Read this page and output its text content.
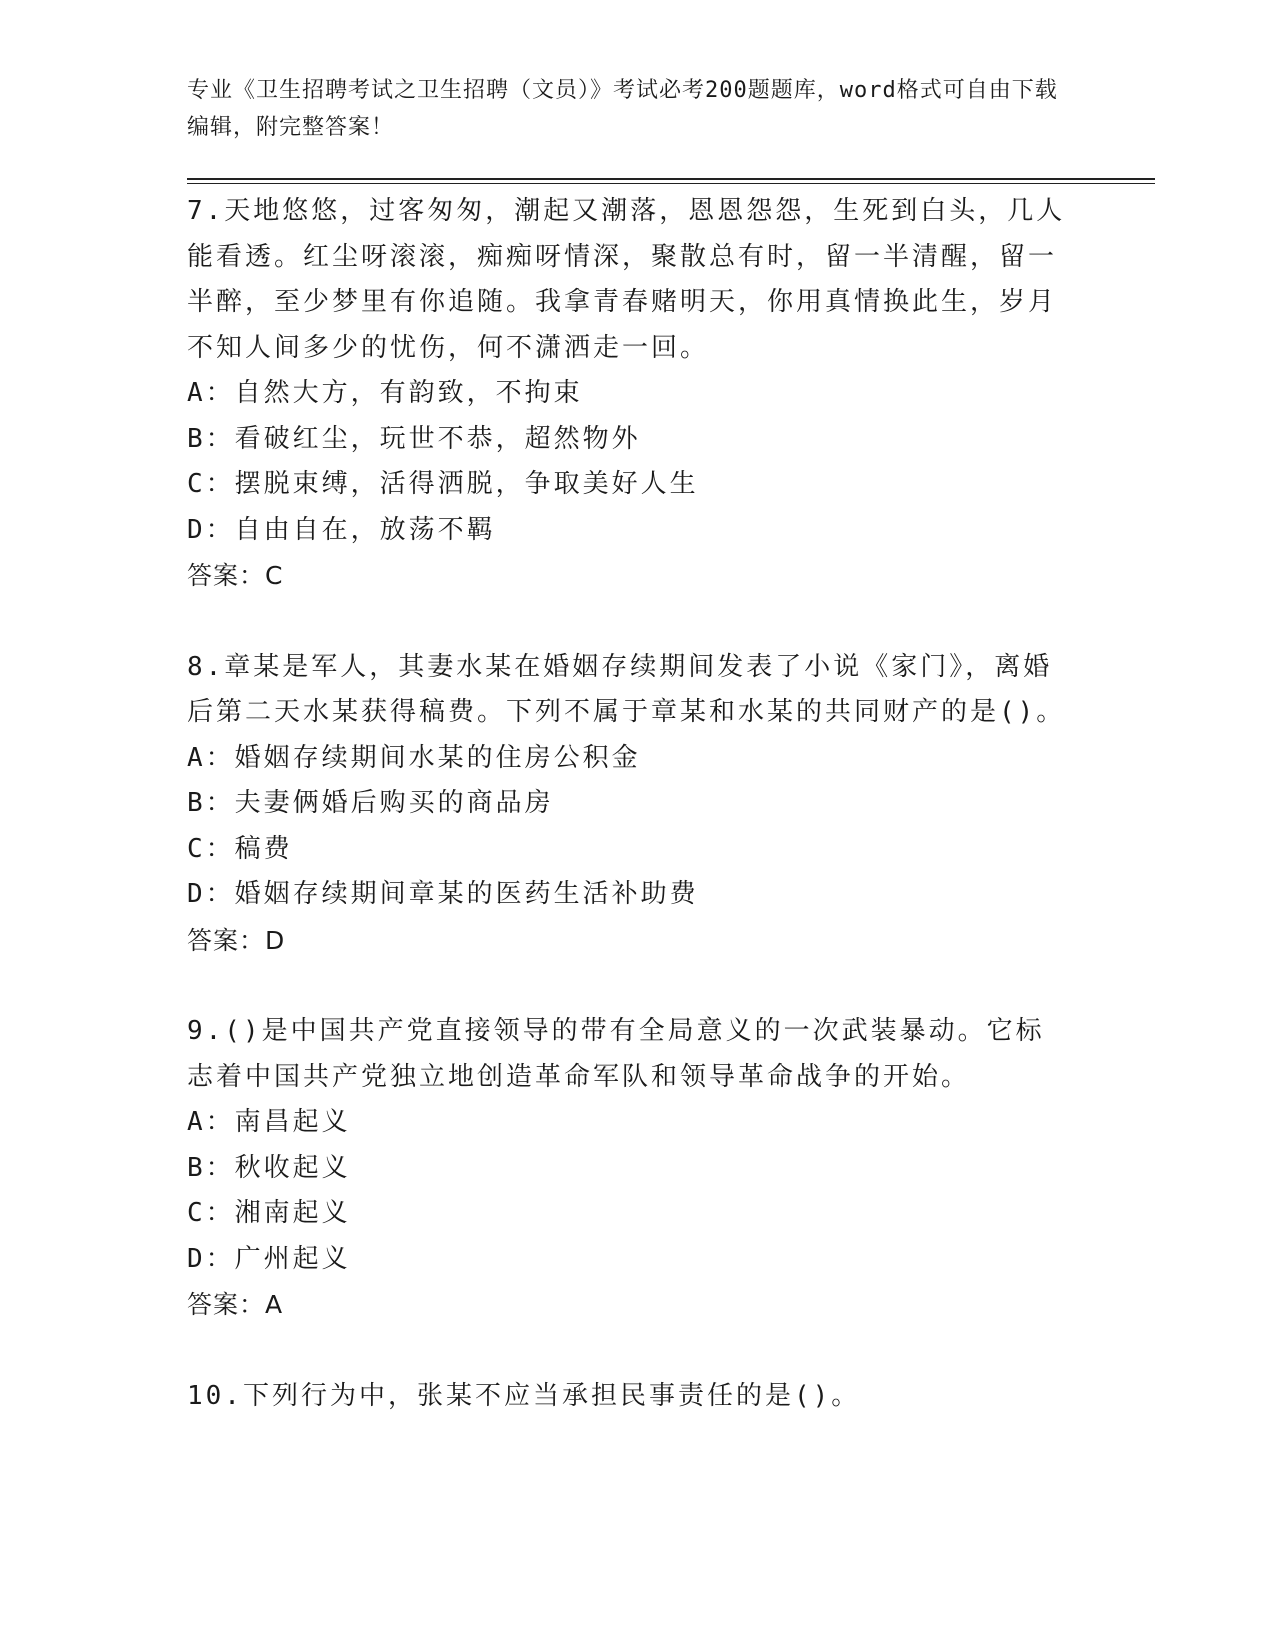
专业《卫生招聘考试之卫生招聘（文员）》考试必考200题题库，word格式可自由下载编辑，附完整答案！
7.天地悠悠，过客匆匆，潮起又潮落，恩恩怨怨，生死到白头，几人能看透。红尘呀滚滚，痴痴呀情深，聚散总有时，留一半清醒，留一半醉，至少梦里有你追随。我拿青春赌明天，你用真情换此生，岁月不知人间多少的忧伤，何不潇洒走一回。
A：自然大方，有韵致，不拘束
B：看破红尘，玩世不恭，超然物外
C：摆脱束缚，活得洒脱，争取美好人生
D：自由自在，放荡不羁
答案：C
8.章某是军人，其妻水某在婚姻存续期间发表了小说《家门》，离婚后第二天水某获得稿费。下列不属于章某和水某的共同财产的是()。
A：婚姻存续期间水某的住房公积金
B：夫妻俩婚后购买的商品房
C：稿费
D：婚姻存续期间章某的医药生活补助费
答案：D
9.()是中国共产党直接领导的带有全局意义的一次武装暴动。它标志着中国共产党独立地创造革命军队和领导革命战争的开始。
A：南昌起义
B：秋收起义
C：湘南起义
D：广州起义
答案：A
10.下列行为中，张某不应当承担民事责任的是()。
